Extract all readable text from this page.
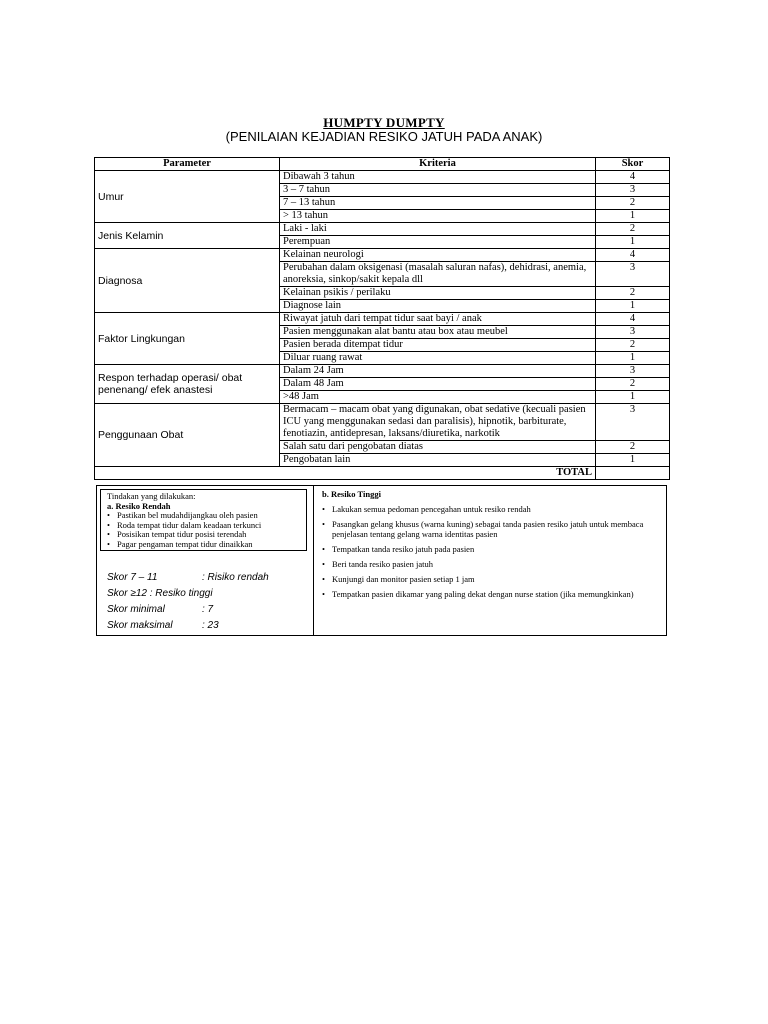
HUMPTY DUMPTY
(PENILAIAN KEJADIAN RESIKO JATUH PADA ANAK)
Parameter	Kriteria	Skor
Umur	Dibawah 3 tahun	4
	3 – 7 tahun	3
	7 – 13 tahun	2
	> 13 tahun	1
Jenis Kelamin	Laki - laki	2
	Perempuan	1
Diagnosa	Kelainan neurologi	4
	Perubahan dalam oksigenasi (masalah saluran nafas), dehidrasi, anemia, anoreksia, sinkop/sakit kepala dll	3
	Kelainan psikis / perilaku	2
	Diagnose lain	1
Faktor Lingkungan	Riwayat jatuh dari tempat tidur saat bayi / anak	4
	Pasien menggunakan alat bantu atau box atau meubel	3
	Pasien berada ditempat tidur	2
	Diluar ruang rawat	1
Respon terhadap operasi/ obat penenang/ efek anastesi	Dalam 24 Jam	3
	Dalam 48 Jam	2
	>48 Jam	1
Penggunaan Obat	Bermacam – macam obat yang digunakan, obat sedative (kecuali pasien ICU yang menggunakan sedasi dan paralisis), hipnotik, barbiturate, fenotiazin, antidepresan, laksans/diuretika, narkotik	3
	Salah satu dari pengobatan diatas	2
	Pengobatan lain	1
TOTAL		
Tindakan yang dilakukan:
a. Resiko Rendah
• Pastikan bel mudahdijangkau oleh pasien
• Roda tempat tidur dalam keadaan terkunci
• Posisikan tempat tidur posisi terendah
• Pagar pengaman tempat tidur dinaikkan
Skor 7 – 11	: Risiko rendah
Skor ≥12 : Resiko tinggi
Skor minimal	: 7
Skor maksimal	: 23
b. Resiko Tinggi
• Lakukan semua pedoman pencegahan untuk resiko rendah
• Pasangkan gelang khusus (warna kuning) sebagai tanda pasien resiko jatuh untuk membaca penjelasan tentang gelang warna identitas pasien
• Tempatkan tanda resiko jatuh pada pasien
• Beri tanda resiko pasien jatuh
• Kunjungi dan monitor pasien setiap 1 jam
• Tempatkan pasien dikamar yang paling dekat dengan nurse station (jika memungkinkan)
